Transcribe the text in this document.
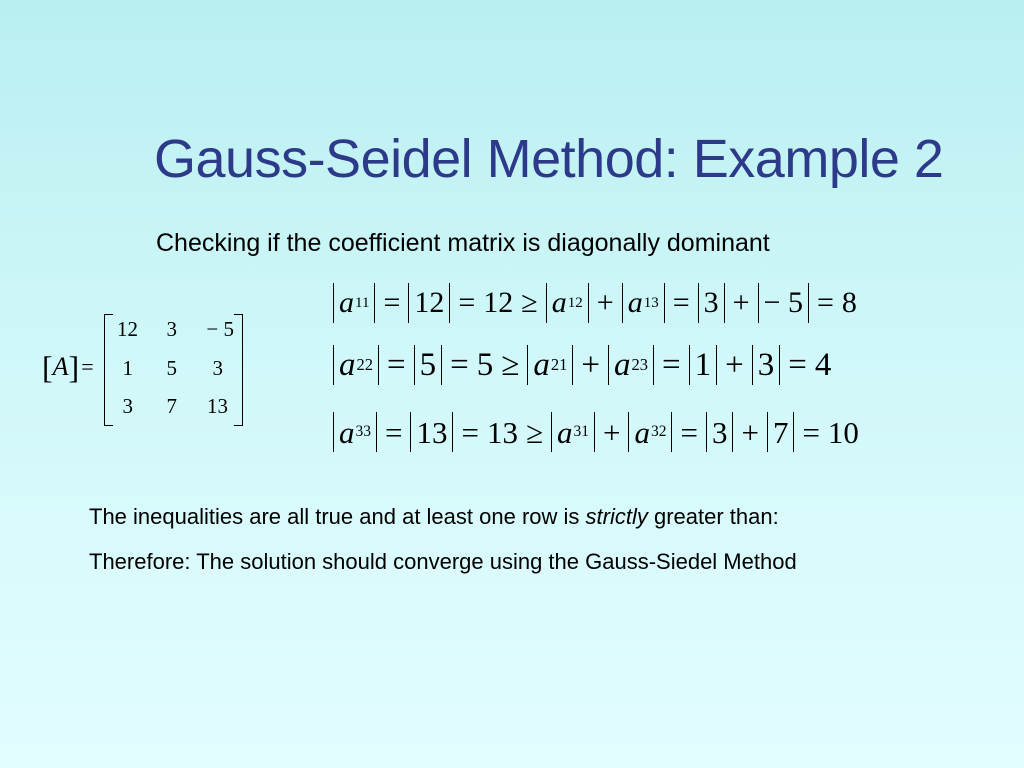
Gauss-Seidel Method: Example 2
Checking if the coefficient matrix is diagonally dominant
[ A ] =
12	3	− 5
1	5	3
3	7	13
a 11 = 12 = 12 ≥ a 12 + a 13 = 3 + − 5 = 8
a 22 = 5 = 5 ≥ a 21 + a 23 = 1 + 3 = 4
a 33 = 13 = 13 ≥ a 31 + a 32 = 3 + 7 = 10
The inequalities are all true and at least one row is strictly greater than:
Therefore: The solution should converge using the Gauss-Siedel Method
